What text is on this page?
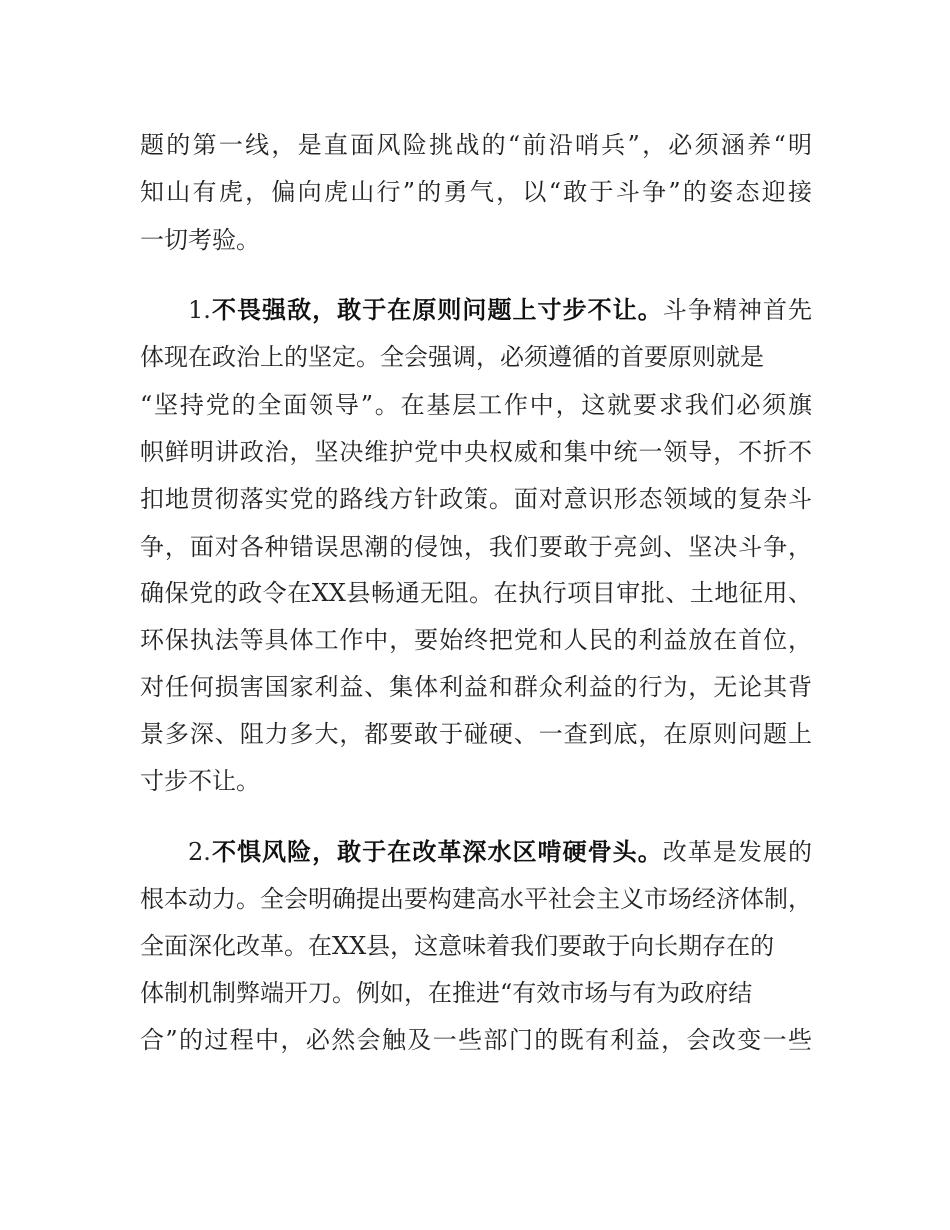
题的第一线，是直面风险挑战的“前沿哨兵”，必须涵养“明
知山有虎，偏向虎山行”的勇气，以“敢于斗争”的姿态迎接
一切考验。
1.不畏强敌，敢于在原则问题上寸步不让。斗争精神首先
体现在政治上的坚定。全会强调，必须遵循的首要原则就是
“坚持党的全面领导”。在基层工作中，这就要求我们必须旗
帜鲜明讲政治，坚决维护党中央权威和集中统一领导，不折不
扣地贯彻落实党的路线方针政策。面对意识形态领域的复杂斗
争，面对各种错误思潮的侵蚀，我们要敢于亮剑、坚决斗争，
确保党的政令在XX县畅通无阻。在执行项目审批、土地征用、
环保执法等具体工作中，要始终把党和人民的利益放在首位，
对任何损害国家利益、集体利益和群众利益的行为，无论其背
景多深、阻力多大，都要敢于碰硬、一查到底，在原则问题上
寸步不让。
2.不惧风险，敢于在改革深水区啃硬骨头。改革是发展的
根本动力。全会明确提出要构建高水平社会主义市场经济体制，
全面深化改革。在XX县，这意味着我们要敢于向长期存在的
体制机制弊端开刀。例如，在推进“有效市场与有为政府结
合”的过程中，必然会触及一些部门的既有利益，会改变一些
